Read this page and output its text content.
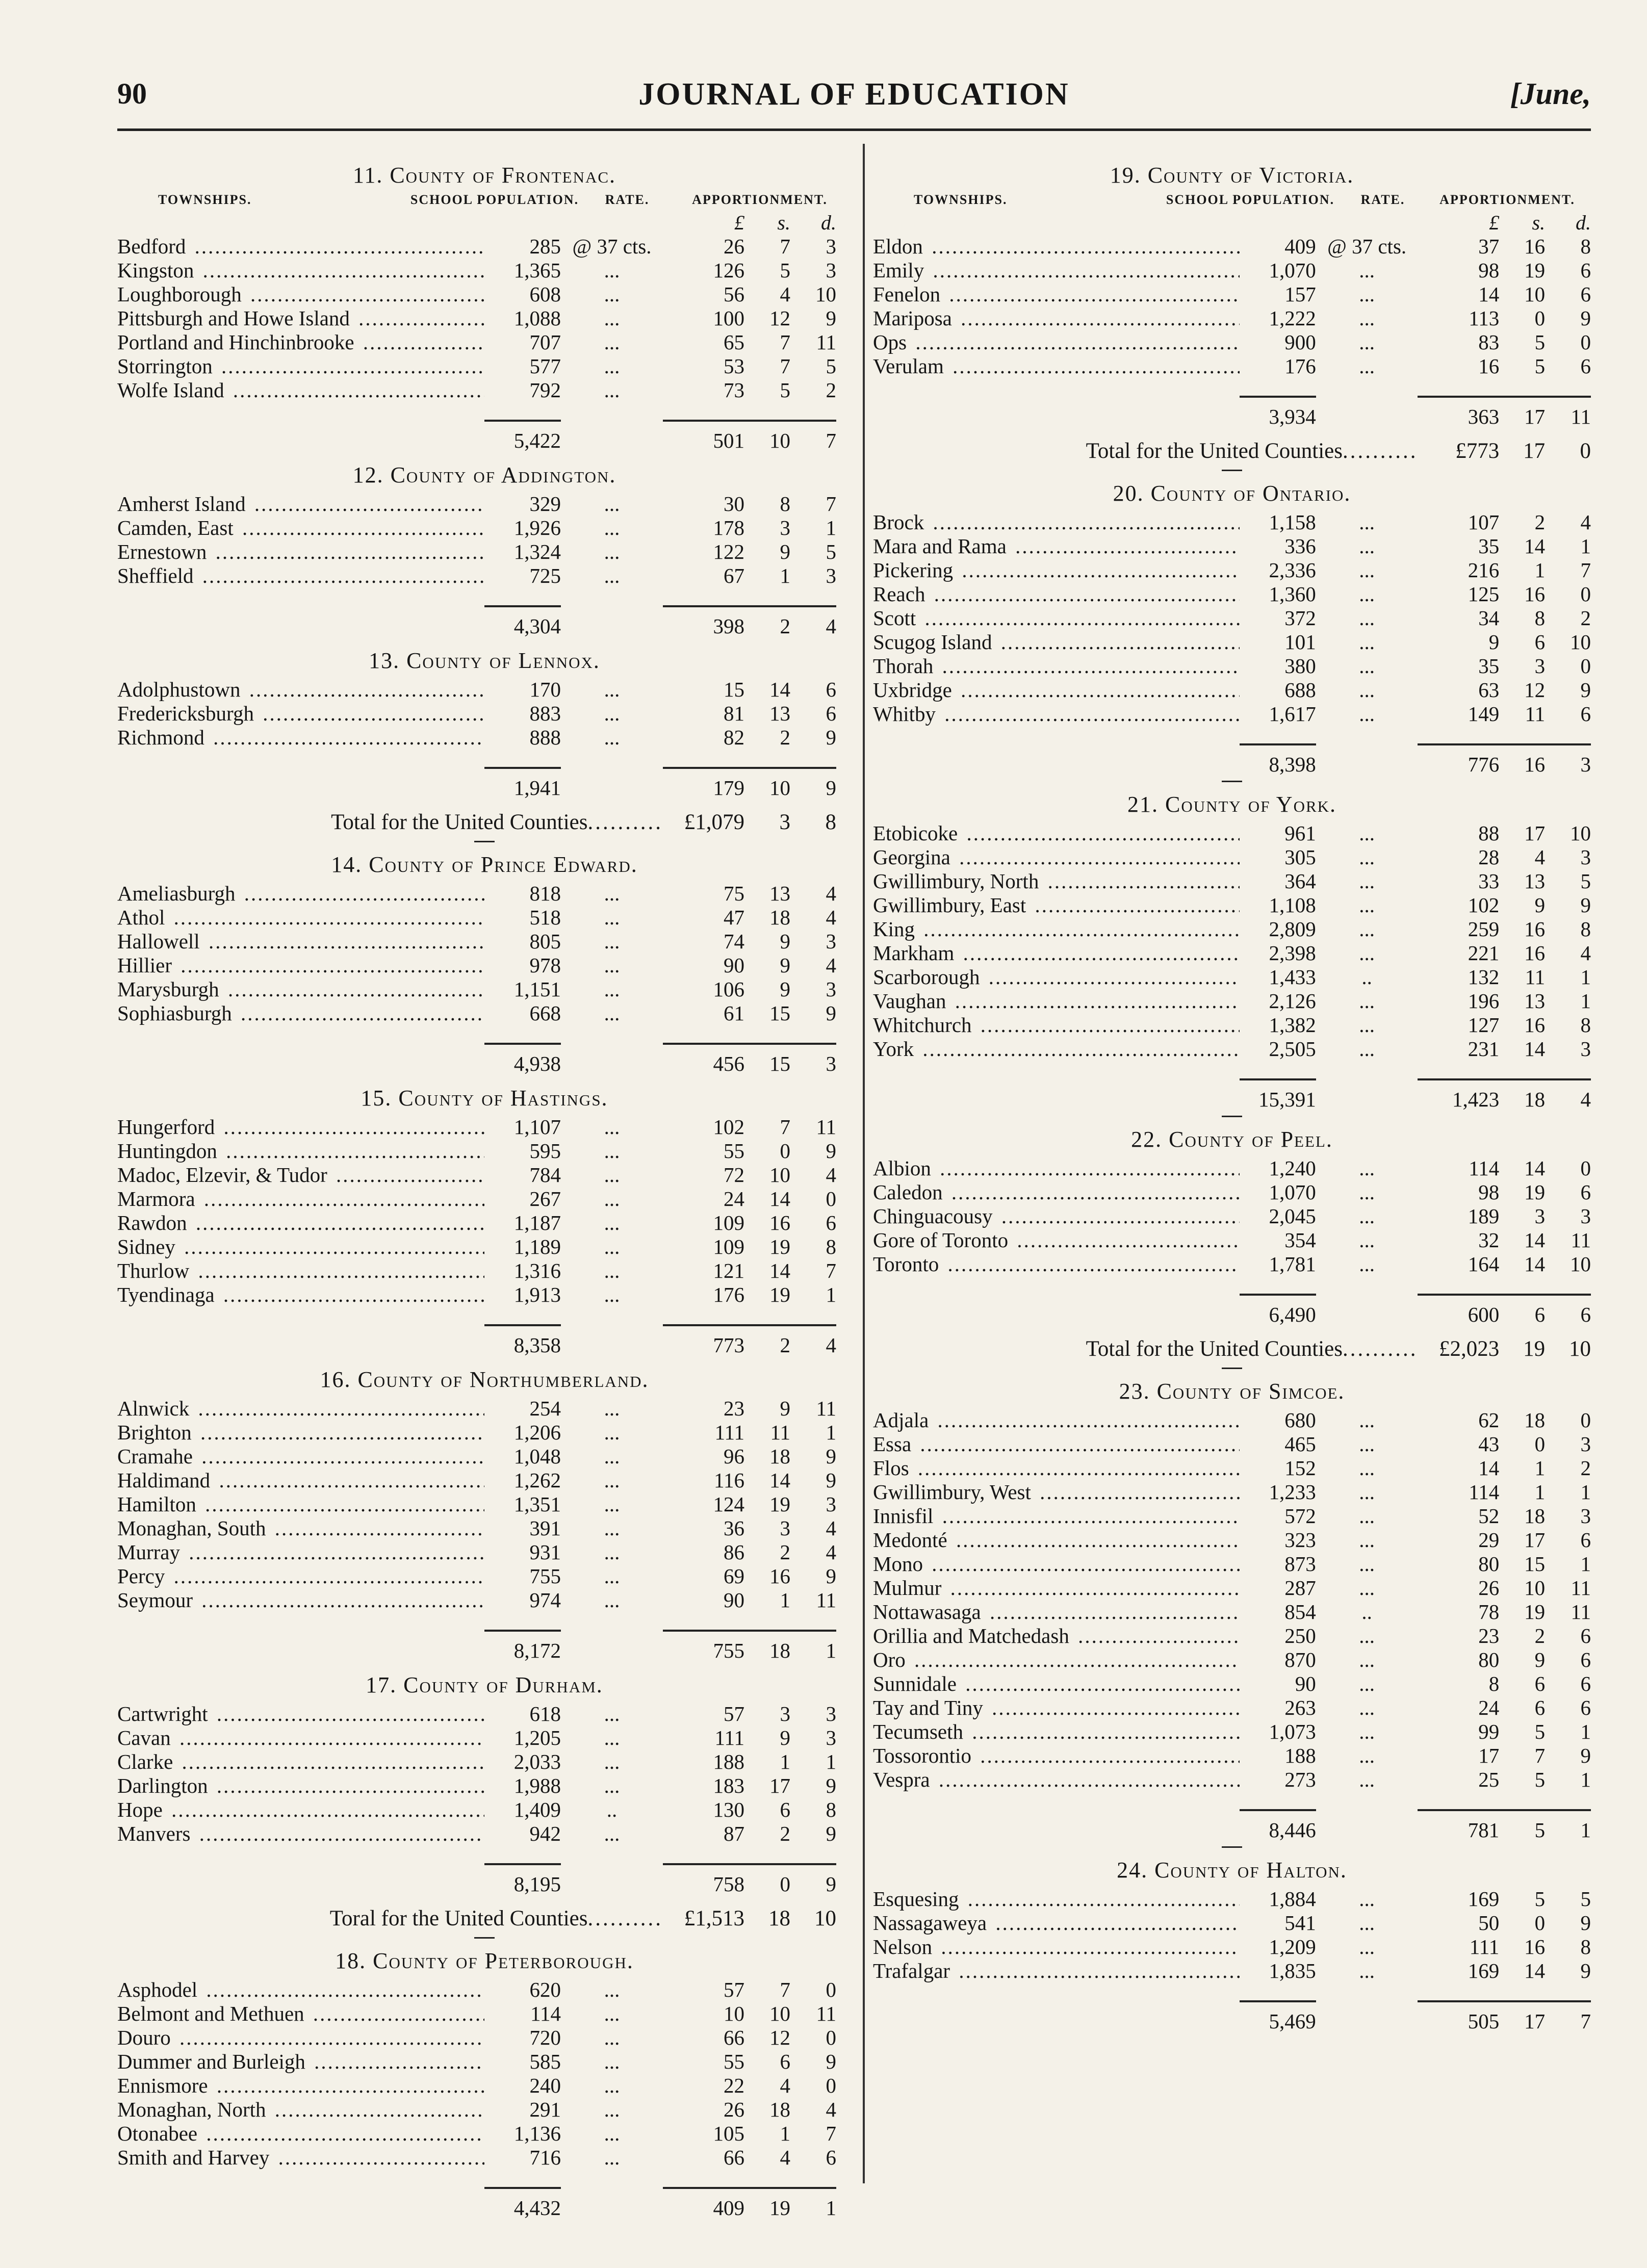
90	JOURNAL OF EDUCATION	[June,
11. County of Frontenac.
TOWNSHIPS.	SCHOOL POPULATION.	RATE.	APPORTIONMENT.
£	s.	d.
Bedford .....	285 @ 37 cts.	26	7	3
Kingston .....	1,365	...	126	5	3
Loughborough .....	608	...	56	4	10
Pittsburgh and Howe Island .....	1,088	...	100	12	9
Portland and Hinchinbrooke .....	707	...	65	7	11
Storrington .....	577	...	53	7	5
Wolfe Island .....	792	...	73	5	2
5,422	501	10	7
12. County of Addington.
Amherst Island .....	329	...	30	8	7
Camden, East .....	1,926	...	178	3	1
Ernestown .....	1,324	...	122	9	5
Sheffield .....	725	...	67	1	3
4,304	398	2	4
13. County of Lennox.
Adolphustown .....	170	...	15	14	6
Fredericksburgh .....	883	...	81	13	6
Richmond .....	888	...	82	2	9
1,941	179	10	9
Total for the United Counties.......... £1,079	3	8
14. County of Prince Edward.
Ameliasburgh .....	818	...	75	13	4
Athol .....	518	...	47	18	4
Hallowell .....	805	...	74	9	3
Hillier .....	978	...	90	9	4
Marysburgh .....	1,151	...	106	9	3
Sophiasburgh .....	668	...	61	15	9
4,938	456	15	3
15. County of Hastings.
Hungerford .....	1,107	...	102	7	11
Huntingdon .....	595	...	55	0	9
Madoc, Elzevir, & Tudor .....	784	...	72	10	4
Marmora .....	267	...	24	14	0
Rawdon .....	1,187	...	109	16	6
Sidney .....	1,189	...	109	19	8
Thurlow .....	1,316	...	121	14	7
Tyendinaga .....	1,913	...	176	19	1
8,358	773	2	4
16. County of Northumberland.
Alnwick .....	254	...	23	9	11
Brighton .....	1,206	...	111	11	1
Cramahe .....	1,048	...	96	18	9
Haldimand .....	1,262	...	116	14	9
Hamilton .....	1,351	...	124	19	3
Monaghan, South .....	391	...	36	3	4
Murray .....	931	...	86	2	4
Percy .....	755	...	69	16	9
Seymour .....	974	...	90	1	11
8,172	755	18	1
17. County of Durham.
Cartwright .....	618	...	57	3	3
Cavan .....	1,205	...	111	9	3
Clarke .....	2,033	...	188	1	1
Darlington .....	1,988	...	183	17	9
Hope .....	1,409	..	130	6	8
Manvers .....	942	...	87	2	9
8,195	758	0	9
Toral for the United Counties.......... £1,513	18	10
18. County of Peterborough.
Asphodel .....	620	...	57	7	0
Belmont and Methuen .....	114	...	10	10	11
Douro .....	720	...	66	12	0
Dummer and Burleigh .....	585	...	55	6	9
Ennismore .....	240	...	22	4	0
Monaghan, North .....	291	...	26	18	4
Otonabee .....	1,136	...	105	1	7
Smith and Harvey .....	716	...	66	4	6
4,432	409	19	1
19. County of Victoria.
TOWNSHIPS.	SCHOOL POPULATION.	RATE.	APPORTIONMENT.
£	s.	d.
Eldon .....	409 @ 37 cts.	37	16	8
Emily .....	1,070	...	98	19	6
Fenelon .....	157	...	14	10	6
Mariposa .....	1,222	...	113	0	9
Ops .....	900	...	83	5	0
Verulam .....	176	...	16	5	6
3,934	363	17	11
Total for the United Counties..........	£773	17	0
20. County of Ontario.
Brock .....	1,158	...	107	2	4
Mara and Rama .....	336	...	35	14	1
Pickering .....	2,336	...	216	1	7
Reach .....	1,360	...	125	16	0
Scott .....	372	...	34	8	2
Scugog Island .....	101	...	9	6	10
Thorah .....	380	...	35	3	0
Uxbridge .....	688	...	63	12	9
Whitby .....	1,617	...	149	11	6
8,398	776	16	3
21. County of York.
Etobicoke .....	961	...	88	17	10
Georgina .....	305	...	28	4	3
Gwillimbury, North .....	364	...	33	13	5
Gwillimbury, East .....	1,108	...	102	9	9
King .....	2,809	...	259	16	8
Markham .....	2,398	...	221	16	4
Scarborough .....	1,433	..	132	11	1
Vaughan .....	2,126	...	196	13	1
Whitchurch .....	1,382	...	127	16	8
York .....	2,505	...	231	14	3
15,391	1,423	18	4
22. County of Peel.
Albion .....	1,240	...	114	14	0
Caledon .....	1,070	...	98	19	6
Chinguacousy .....	2,045	...	189	3	3
Gore of Toronto .....	354	...	32	14	11
Toronto .....	1,781	...	164	14	10
6,490	600	6	6
Total for the United Counties.......... £2,023	19	10
23. County of Simcoe.
Adjala .....	680	...	62	18	0
Essa .....	465	...	43	0	3
Flos .....	152	...	14	1	2
Gwillimbury, West .....	1,233	...	114	1	1
Innisfil .....	572	...	52	18	3
Medonté .....	323	...	29	17	6
Mono .....	873	...	80	15	1
Mulmur .....	287	...	26	10	11
Nottawasaga .....	854	..	78	19	11
Orillia and Matchedash .....	250	...	23	2	6
Oro .....	870	...	80	9	6
Sunnidale .....	90	...	8	6	6
Tay and Tiny .....	263	...	24	6	6
Tecumseth .....	1,073	...	99	5	1
Tossorontio .....	188	...	17	7	9
Vespra .....	273	...	25	5	1
8,446	781	5	1
24. County of Halton.
Esquesing .....	1,884	...	169	5	5
Nassagaweya .....	541	...	50	0	9
Nelson .....	1,209	...	111	16	8
Trafalgar .....	1,835	...	169	14	9
5,469	505	17	7
